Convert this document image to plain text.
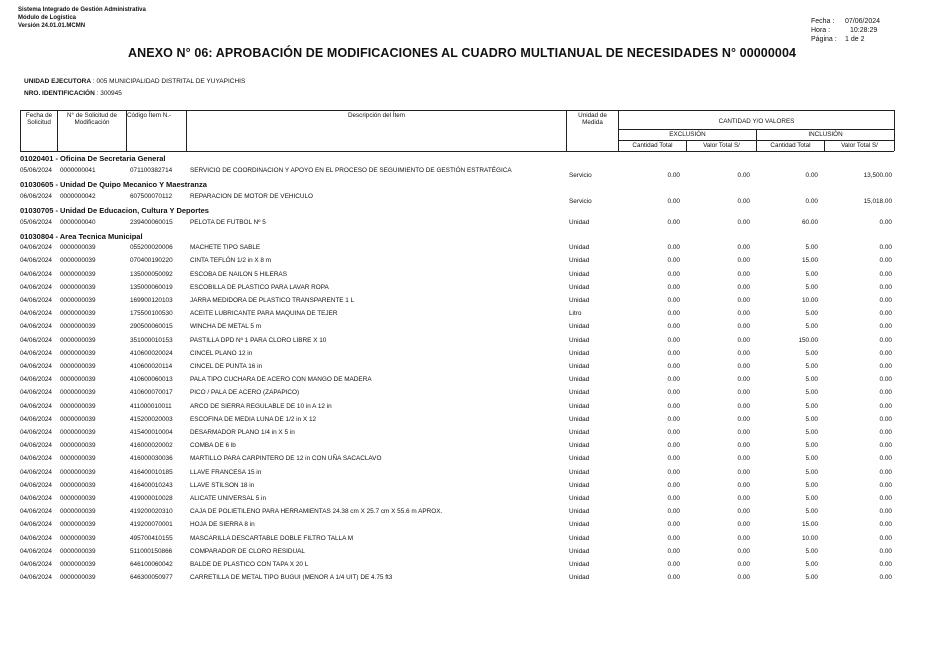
Sistema Integrado de Gestión Administrativa
Módulo de Logística
Versión 24.01.01.MCMN
Fecha : 07/06/2024
Hora :	10:28:29
Página : 1 de 2
ANEXO N° 06: APROBACIÓN DE MODIFICACIONES AL CUADRO MULTIANUAL DE NECESIDADES N° 00000004
UNIDAD EJECUTORA : 005 MUNICIPALIDAD DISTRITAL DE YUYAPICHIS
NRO. IDENTIFICACIÓN : 300945
Fecha de Solicitud
N° de Solicitud de Modificación
Código Ítem N.-	Descripción del Ítem	Unidad de Medida	CANTIDAD Y/O VALORES
EXCLUSIÓN	INCLUSIÓN
Cantidad Total	Valor Total S/	Cantidad Total	Valor Total S/
01020401 - Oficina De Secretaria General
05/06/2024 0000000041	071100382714	SERVICIO DE COORDINACION Y APOYO EN EL PROCESO DE SEGUIMIENTO DE GESTIÓN ESTRATÉGICA
Servicio	0.00	0.00	0.00	13,500.00
01030605 - Unidad De Quipo Mecanico Y Maestranza
06/06/2024 0000000042	607500070112	REPARACION DE MOTOR DE VEHICULO
Servicio	0.00	0.00	0.00	15,018.00
01030705 - Unidad De Educacion, Cultura Y Deportes
05/06/2024 0000000040	239400060015	PELOTA DE FUTBOL Nº 5	Unidad	0.00	0.00	60.00	0.00
01030804 - Area Tecnica Municipal
04/06/2024 0000000039	055200020006	MACHETE TIPO SABLE	Unidad	0.00	0.00	5.00	0.00
04/06/2024 0000000039	070400190220	CINTA TEFLÓN 1/2 in X 8 m	Unidad	0.00	0.00	15.00	0.00
04/06/2024 0000000039	135000050092	ESCOBA DE NAILON 5 HILERAS	Unidad	0.00	0.00	5.00	0.00
04/06/2024 0000000039	135000060019	ESCOBILLA DE PLASTICO PARA LAVAR ROPA	Unidad	0.00	0.00	5.00	0.00
04/06/2024 0000000039	169900120103	JARRA MEDIDORA DE PLASTICO TRANSPARENTE 1 L	Unidad	0.00	0.00	10.00	0.00
04/06/2024 0000000039	175500100530	ACEITE LUBRICANTE PARA MAQUINA DE TEJER	Litro	0.00	0.00	5.00	0.00
04/06/2024 0000000039	290500060015	WINCHA DE METAL 5 m	Unidad	0.00	0.00	5.00	0.00
04/06/2024 0000000039	351000010153	PASTILLA DPD Nº 1 PARA CLORO LIBRE X 10	Unidad	0.00	0.00	150.00	0.00
04/06/2024 0000000039	410600020024	CINCEL PLANO 12 in	Unidad	0.00	0.00	5.00	0.00
04/06/2024 0000000039	410600020114	CINCEL DE PUNTA 16 in	Unidad	0.00	0.00	5.00	0.00
04/06/2024 0000000039	410600060013	PALA TIPO CUCHARA DE ACERO CON MANGO DE MADERA	Unidad	0.00	0.00	5.00	0.00
04/06/2024 0000000039	410600070017	PICO / PALA DE ACERO (ZAPAPICO)	Unidad	0.00	0.00	5.00	0.00
04/06/2024 0000000039	411000010011	ARCO DE SIERRA REGULABLE DE 10 in A 12 in	Unidad	0.00	0.00	5.00	0.00
04/06/2024 0000000039	415200020003	ESCOFINA DE MEDIA LUNA DE 1/2 in X 12	Unidad	0.00	0.00	5.00	0.00
04/06/2024 0000000039	415400010004	DESARMADOR PLANO 1/4 in X 5 in	Unidad	0.00	0.00	5.00	0.00
04/06/2024 0000000039	416000020002	COMBA DE 6 lb	Unidad	0.00	0.00	5.00	0.00
04/06/2024 0000000039	416000030036	MARTILLO PARA CARPINTERO DE 12 in CON UÑA SACACLAVO	Unidad	0.00	0.00	5.00	0.00
04/06/2024 0000000039	416400010185	LLAVE FRANCESA 15 in	Unidad	0.00	0.00	5.00	0.00
04/06/2024 0000000039	416400010243	LLAVE STILSON 18 in	Unidad	0.00	0.00	5.00	0.00
04/06/2024 0000000039	419000010028	ALICATE UNIVERSAL 5 in	Unidad	0.00	0.00	5.00	0.00
04/06/2024 0000000039	419200020310	CAJA DE POLIETILENO PARA HERRAMIENTAS 24.38 cm X 25.7 cm X 55.6 m APROX.	Unidad	0.00	0.00	5.00	0.00
04/06/2024 0000000039	419200070001	HOJA DE SIERRA 8 in	Unidad	0.00	0.00	15.00	0.00
04/06/2024 0000000039	495700410155	MASCARILLA DESCARTABLE DOBLE FILTRO TALLA M	Unidad	0.00	0.00	10.00	0.00
04/06/2024 0000000039	511000150866	COMPARADOR DE CLORO RESIDUAL	Unidad	0.00	0.00	5.00	0.00
04/06/2024 0000000039	646100060042	BALDE DE PLASTICO CON TAPA X 20 L	Unidad	0.00	0.00	5.00	0.00
04/06/2024 0000000039	646300050977	CARRETILLA DE METAL TIPO BUGUI (MENOR A 1/4 UIT) DE 4.75 ft3	Unidad	0.00	0.00	5.00	0.00
